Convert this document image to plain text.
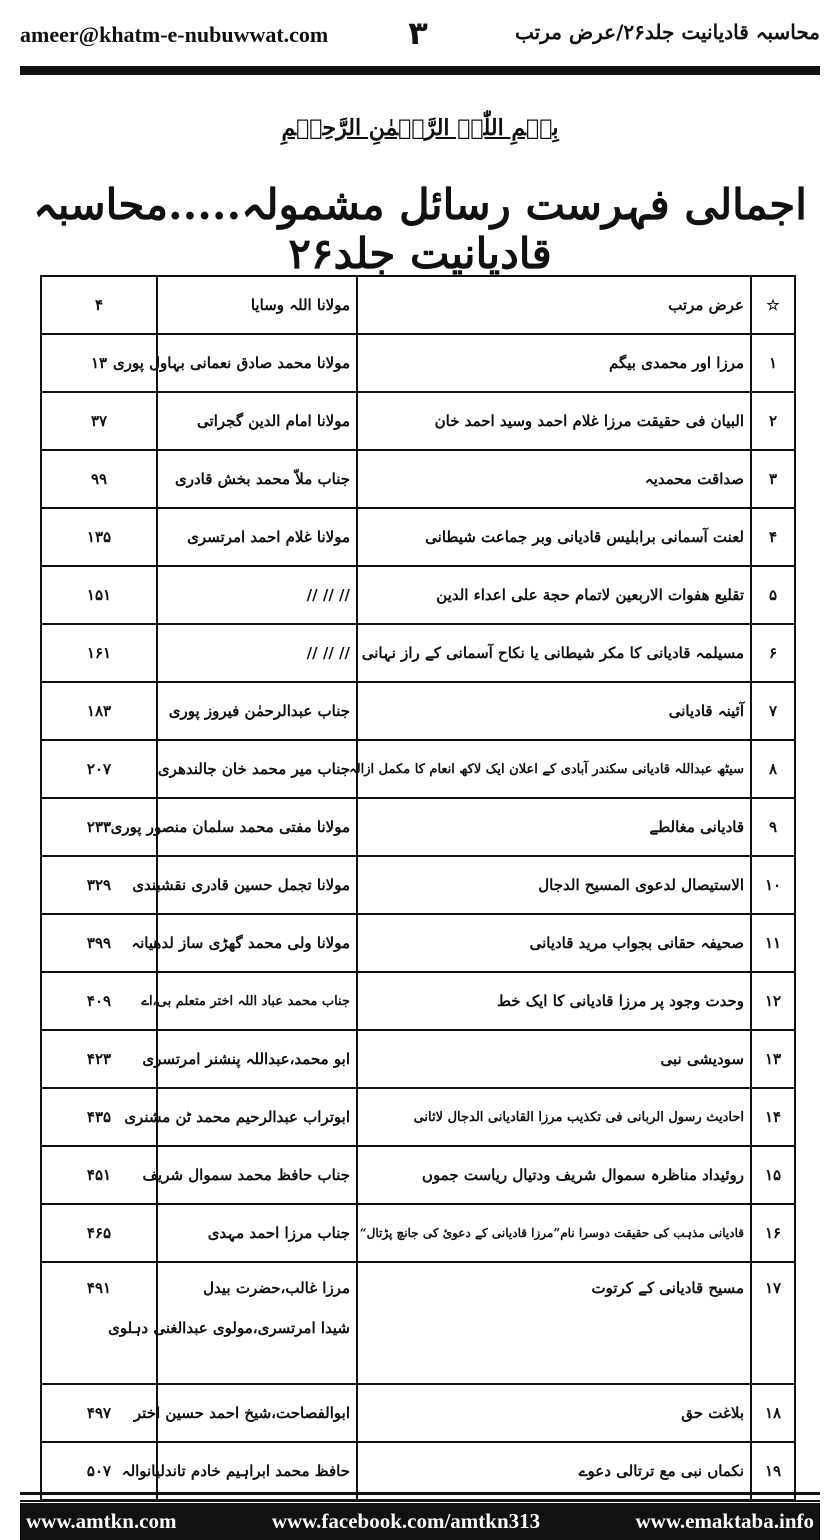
ameer@khatm-e-nubuwwat.com	۳	محاسبہ قادیانیت جلد۲۶/عرض مرتب
بِسۡمِ اللّٰہِ الرَّحۡمٰنِ الرَّحِیۡمِ
اجمالی فہرست رسائل مشمولہ.....محاسبہ قادیانیت جلد۲۶
☆	عرض مرتب	مولانا اللہ وسایا	۴
۱	مرزا اور محمدی بیگم	مولانا محمد صادق نعمانی بہاول پوری	۱۳
۲	البیان فی حقیقت مرزا غلام احمد وسید احمد خان	مولانا امام الدین گجراتی	۳۷
۳	صداقت محمدیہ	جناب ملاّ محمد بخش قادری	۹۹
۴	لعنت آسمانی برابلیس قادیانی وبر جماعت شیطانی	مولانا غلام احمد امرتسری	۱۳۵
۵	تقلیع هفوات الاربعین لاتمام حجة علی اعداء الدین	// // //	۱۵۱
۶	مسیلمہ قادیانی کا مکر شیطانی یا نکاح آسمانی کے راز نہانی	// // //	۱۶۱
۷	آئینہ قادیانی	جناب عبدالرحمٰن فیروز پوری	۱۸۳
۸	سیٹھ عبداللہ قادیانی سکندر آبادی کے اعلان ایک لاکھ انعام کا مکمل ازالہ	جناب میر محمد خان جالندھری	۲۰۷
۹	قادیانی مغالطے	مولانا مفتی محمد سلمان منصور پوری	۲۳۳
۱۰	الاستیصال لدعوی المسیح الدجال	مولانا تجمل حسین قادری نقشبندی	۳۲۹
۱۱	صحیفہ حقانی بجواب مرید قادیانی	مولانا ولی محمد گھڑی ساز لدھیانہ	۳۹۹
۱۲	وحدت وجود پر مرزا قادیانی کا ایک خط	جناب محمد عباد اللہ اختر متعلم بی،اے	۴۰۹
۱۳	سودیشی نبی	ابو محمد،عبداللہ پنشنر امرتسری	۴۲۳
۱۴	احادیث رسول الربانی فی تکذیب مرزا القادیانی الدجال لاثانی	ابوتراب عبدالرحیم محمد ٹن مشنری	۴۳۵
۱۵	روئیداد مناظرہ سموال شریف ودتیال ریاست جموں	جناب حافظ محمد سموال شریف	۴۵۱
۱۶	قادیانی مذہب کی حقیقت دوسرا نام”مرزا قادیانی کے دعوئ کی جانچ پڑتال“	جناب مرزا احمد مہدی	۴۶۵
۱۷	مسیح قادیانی کے کرتوت	مرزا غالب،حضرت بیدل
شیدا امرتسری،مولوی عبدالغنی دہلوی	۴۹۱
۱۸	بلاغت حق	ابوالفصاحت،شیخ احمد حسین اختر	۴۹۷
۱۹	نکماں نبی مع ترتالی دعوے	حافظ محمد ابراہیم خادم تاندلیانوالہ	۵۰۷
www.amtkn.com	www.facebook.com/amtkn313	www.emaktaba.info
